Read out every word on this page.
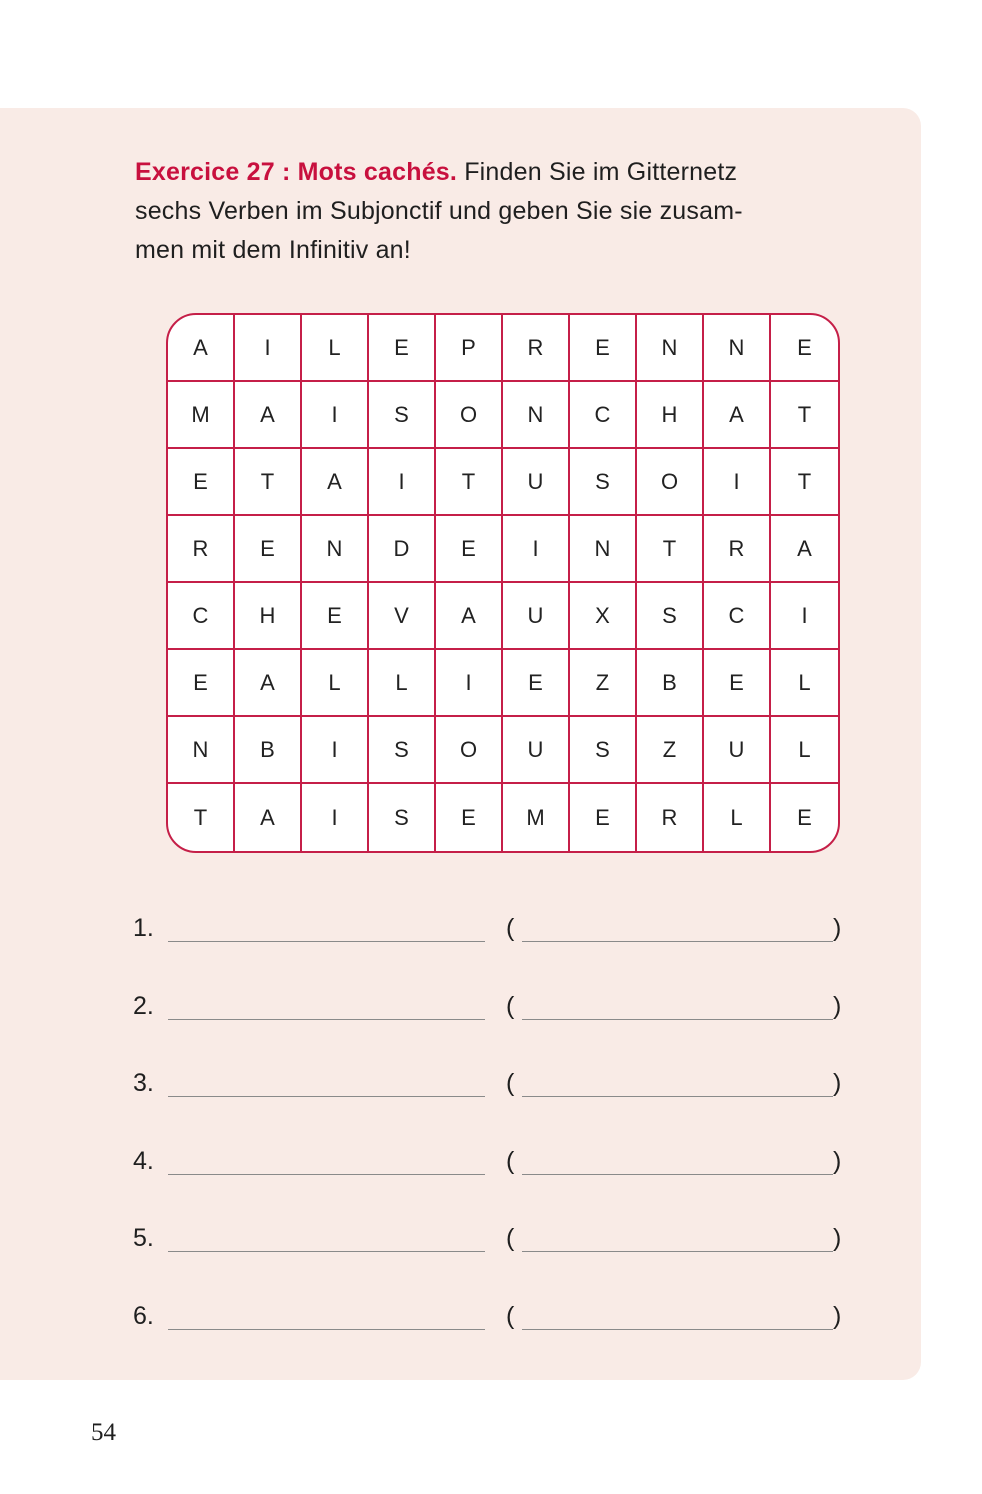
Exercice 27 : Mots cachés. Finden Sie im Gitternetz
sechs Verben im Subjonctif und geben Sie sie zusam-
men mit dem Infinitiv an!
A	I	L	E	P	R	E	N	N	E
M	A	I	S	O	N	C	H	A	T
E	T	A	I	T	U	S	O	I	T
R	E	N	D	E	I	N	T	R	A
C	H	E	V	A	U	X	S	C	I
E	A	L	L	I	E	Z	B	E	L
N	B	I	S	O	U	S	Z	U	L
T	A	I	S	E	M	E	R	L	E
1.	(	)
2.	(	)
3.	(	)
4.	(	)
5.	(	)
6.	(	)
54
